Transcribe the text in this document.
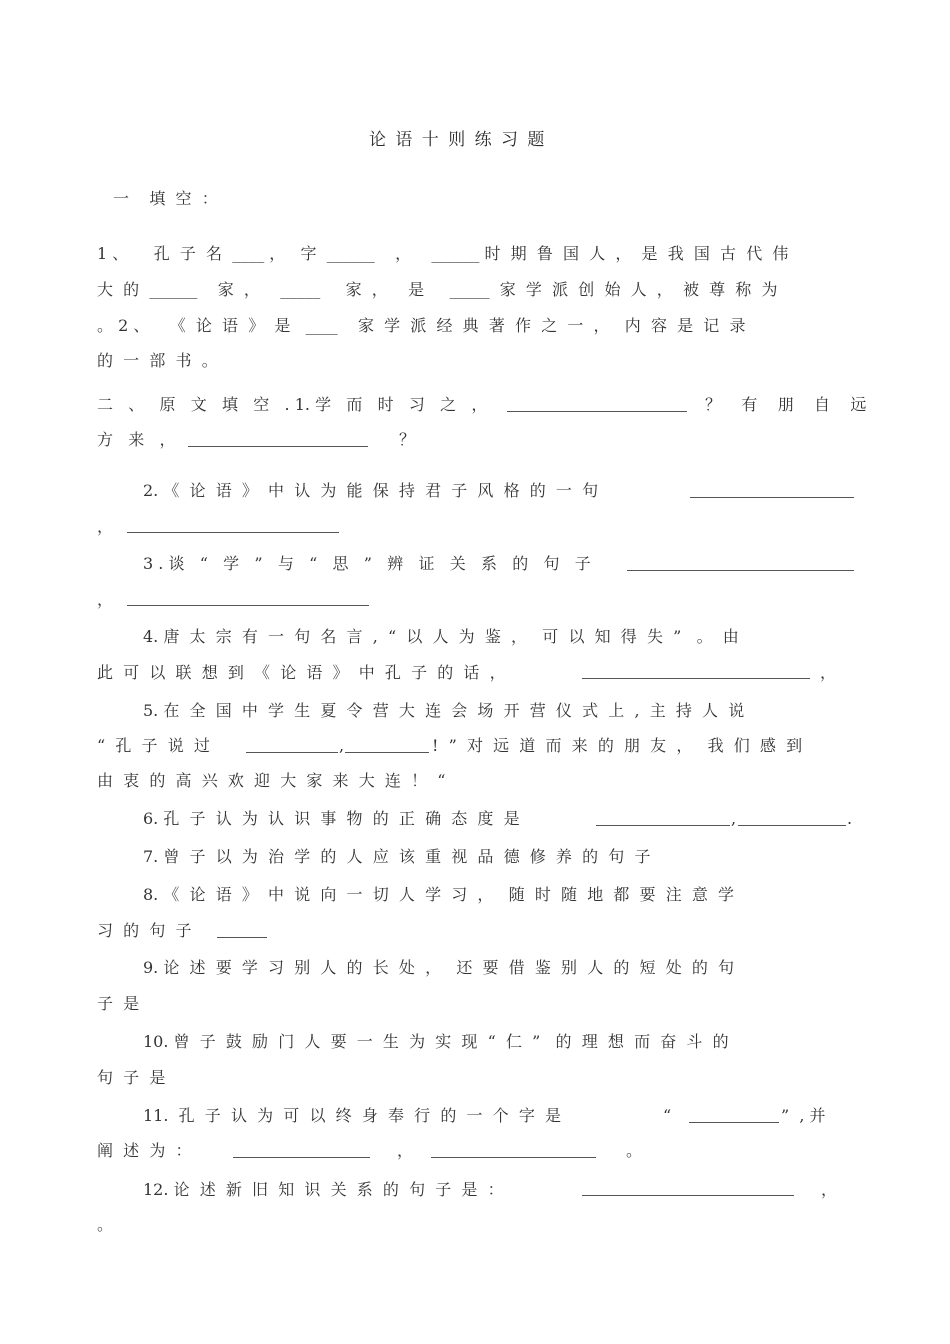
论 语 十 则 练 习 题
一    填  空  ：
1 、     孔  子  名  ____ ，   字  ______    ，    ______ 时  期  鲁  国  人  ，  是  我  国  古  代  伟
大  的  ______    家  ，    _____     家  ，    是     _____  家  学  派  创  始  人  ，  被  尊  称  为
。 2 、    《  论  语  》  是   ____    家  学  派  经  典  著  作  之  一  ，   内  容  是  记  录
的  一  部  书  。
二   、   原   文   填   空   . 1. 学   而   时   习   之   ，	？    有    朋    自    远
方   来   ，	？
2. 《  论  语  》  中  认  为  能  保  持  君  子  风  格  的  一  句
，
3 . 谈   “   学   ”   与   “   思   ”   辨   证   关   系   的   句   子
，
4. 唐  太  宗  有  一  句  名  言  ,  “  以  人  为  鉴  ，   可  以  知  得  失  ”   。  由
此  可  以  联  想  到  《  论  语  》  中  孔  子  的  话  ，	，
5. 在  全  国  中  学  生  夏  令  营  大  连  会  场  开  营  仪  式  上  ,  主  持  人  说
“  孔  子  说  过	,	!  ”  对  远  道  而  来  的  朋  友  ，   我  们  感  到
由  衷  的  高  兴  欢  迎  大  家  来  大  连  ！  “
6. 孔  子  认  为  认  识  事  物  的  正  确  态  度  是	,	.
7. 曾  子  以  为  治  学  的  人  应  该  重  视  品  德  修  养  的  句  子
8. 《  论  语  》  中  说  向  一  切  人  学  习  ，   随  时  随  地  都  要  注  意  学
习  的  句  子
9. 论  述  要  学  习  别  人  的  长  处  ，   还  要  借  鉴  别  人  的  短  处  的  句
子  是
10. 曾  子  鼓  励  门  人  要  一  生  为  实  现  “  仁  ”   的  理  想  而  奋  斗  的
句  子  是
11.  孔  子  认  为  可  以  终  身  奉  行  的  一  个  字  是	“	”  , 并
阐  述  为  ：	，	。
12. 论  述  新  旧  知  识  关  系  的  句  子  是  ：	，
。
